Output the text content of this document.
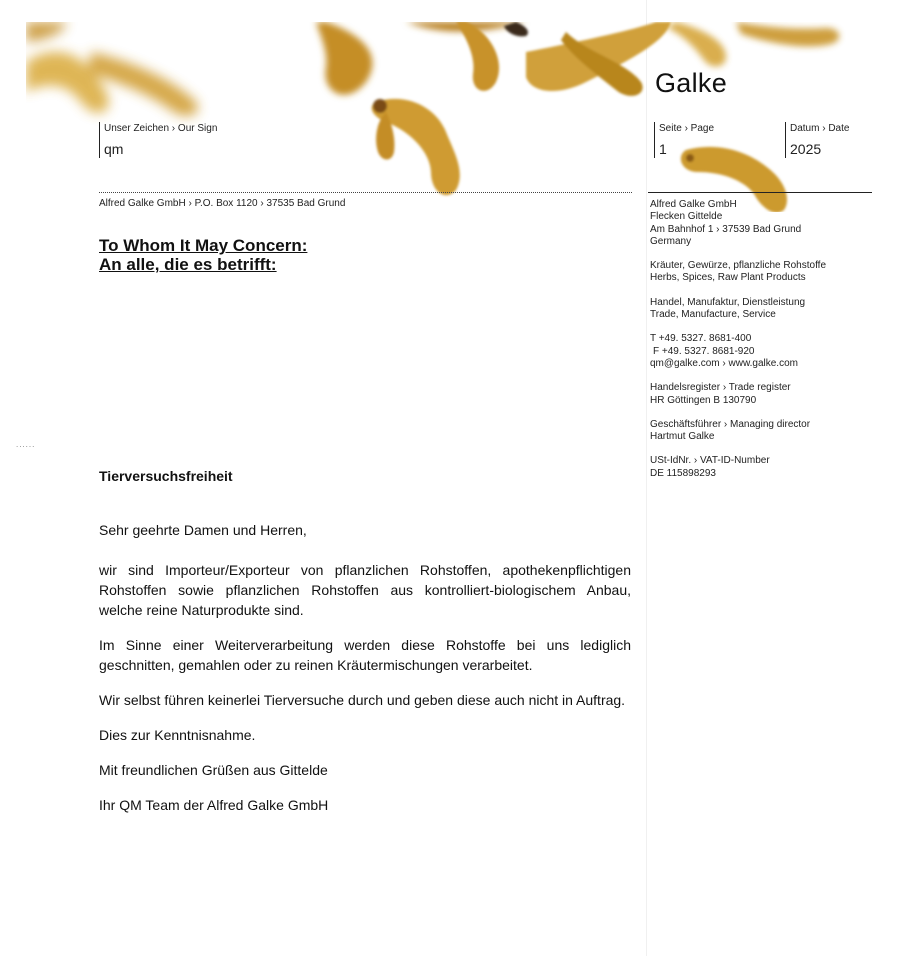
Galke
Unser Zeichen › Our Sign
qm
Seite › Page
1
Datum › Date
2025
Alfred Galke GmbH › P.O. Box 1120 › 37535 Bad Grund
To Whom It May Concern:
An alle, die es betrifft:
......
Tierversuchsfreiheit

Sehr geehrte Damen und Herren,

wir sind Importeur/Exporteur von pflanzlichen Rohstoffen, apothekenpflichtigen Rohstoffen sowie pflanzlichen Rohstoffen aus kontrolliert-biologischem Anbau, welche reine Naturprodukte sind.

Im Sinne einer Weiterverarbeitung werden diese Rohstoffe bei uns lediglich geschnitten, gemahlen oder zu reinen Kräutermischungen verarbeitet.

Wir selbst führen keinerlei Tierversuche durch und geben diese auch nicht in Auftrag.

Dies zur Kenntnisnahme.

Mit freundlichen Grüßen aus Gittelde

Ihr QM Team der Alfred Galke GmbH

Alfred Galke GmbH
Flecken Gittelde
Am Bahnhof 1 › 37539 Bad Grund
Germany
Kräuter, Gewürze, pflanzliche Rohstoffe
Herbs, Spices, Raw Plant Products
Handel, Manufaktur, Dienstleistung
Trade, Manufacture, Service
T +49. 5327. 8681-400
F +49. 5327. 8681-920
qm@galke.com › www.galke.com
Handelsregister › Trade register
HR Göttingen B 130790
Geschäftsführer › Managing director
Hartmut Galke
USt-IdNr. › VAT-ID-Number
DE 115898293
